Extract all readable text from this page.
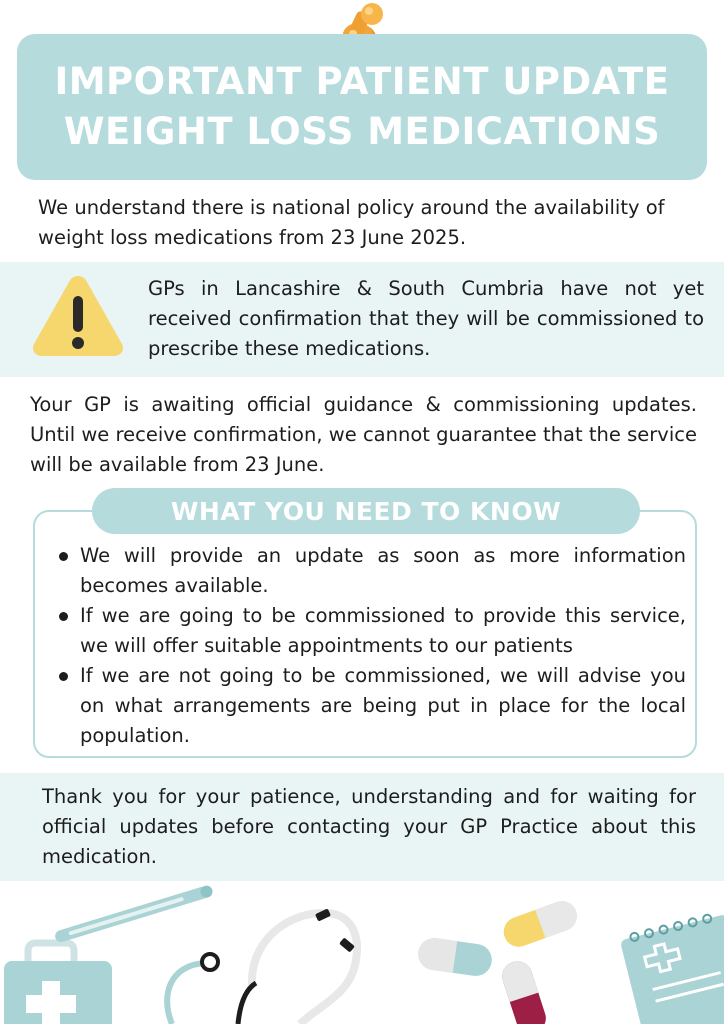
IMPORTANT PATIENT UPDATE
WEIGHT LOSS MEDICATIONS
We understand there is national policy around the availability of weight loss medications from 23 June 2025.
GPs in Lancashire & South Cumbria have not yet received confirmation that they will be commissioned to prescribe these medications.
Your GP is awaiting official guidance & commissioning updates. Until we receive confirmation, we cannot guarantee that the service will be available from 23 June.
WHAT YOU NEED TO KNOW
We will provide an update as soon as more information becomes available.
If we are going to be commissioned to provide this service, we will offer suitable appointments to our patients
If we are not going to be commissioned, we will advise you on what arrangements are being put in place for the local population.
Thank you for your patience, understanding and for waiting for official updates before contacting your GP Practice about this medication.
